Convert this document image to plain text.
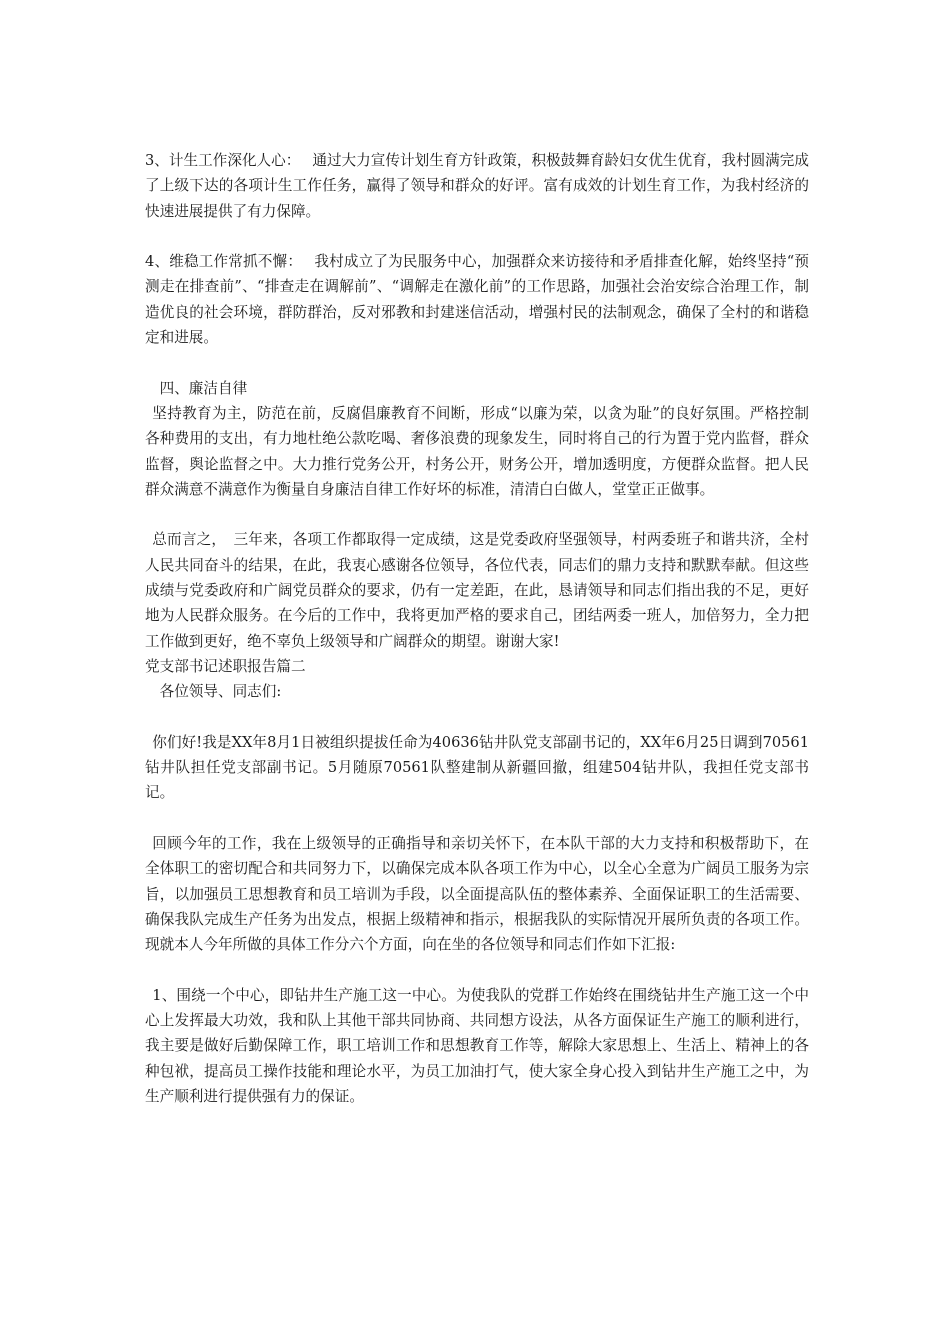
3、计生工作深化人心：　 通过大力宣传计划生育方针政策，积极鼓舞育龄妇女优生优育，我村圆满完成了上级下达的各项计生工作任务，赢得了领导和群众的好评。富有成效的计划生育工作，为我村经济的快速进展提供了有力保障。

4、维稳工作常抓不懈：　 我村成立了为民服务中心，加强群众来访接待和矛盾排查化解，始终坚持“预测走在排查前”、“排查走在调解前”、“调解走在激化前”的工作思路，加强社会治安综合治理工作，制造优良的社会环境，群防群治，反对邪教和封建迷信活动，增强村民的法制观念，确保了全村的和谐稳定和进展。

四、廉洁自律

坚持教育为主，防范在前，反腐倡廉教育不间断，形成“以廉为荣，以贪为耻”的良好氛围。严格控制各种费用的支出，有力地杜绝公款吃喝、奢侈浪费的现象发生，同时将自己的行为置于党内监督，群众监督，舆论监督之中。大力推行党务公开，村务公开，财务公开，增加透明度，方便群众监督。把人民群众满意不满意作为衡量自身廉洁自律工作好坏的标准，清清白白做人，堂堂正正做事。

总而言之，　三年来，各项工作都取得一定成绩，这是党委政府坚强领导，村两委班子和谐共济，全村人民共同奋斗的结果，在此，我衷心感谢各位领导，各位代表，同志们的鼎力支持和默默奉献。但这些成绩与党委政府和广阔党员群众的要求，仍有一定差距，在此，恳请领导和同志们指出我的不足，更好地为人民群众服务。在今后的工作中，我将更加严格的要求自己，团结两委一班人，加倍努力，全力把工作做到更好，绝不辜负上级领导和广阔群众的期望。谢谢大家!

党支部书记述职报告篇二

各位领导、同志们:

你们好!我是XX年8月1日被组织提拔任命为40636钻井队党支部副书记的，XX年6月25日调到70561钻井队担任党支部副书记。5月随原70561队整建制从新疆回撤，组建504钻井队，我担任党支部书记。

回顾今年的工作，我在上级领导的正确指导和亲切关怀下，在本队干部的大力支持和积极帮助下，在全体职工的密切配合和共同努力下，以确保完成本队各项工作为中心，以全心全意为广阔员工服务为宗旨，以加强员工思想教育和员工培训为手段，以全面提高队伍的整体素养、全面保证职工的生活需要、确保我队完成生产任务为出发点，根据上级精神和指示，根据我队的实际情况开展所负责的各项工作。现就本人今年所做的具体工作分六个方面，向在坐的各位领导和同志们作如下汇报:

1、围绕一个中心，即钻井生产施工这一中心。为使我队的党群工作始终在围绕钻井生产施工这一个中心上发挥最大功效，我和队上其他干部共同协商、共同想方设法，从各方面保证生产施工的顺利进行，我主要是做好后勤保障工作，职工培训工作和思想教育工作等，解除大家思想上、生活上、精神上的各种包袱，提高员工操作技能和理论水平，为员工加油打气，使大家全身心投入到钻井生产施工之中，为生产顺利进行提供强有力的保证。
